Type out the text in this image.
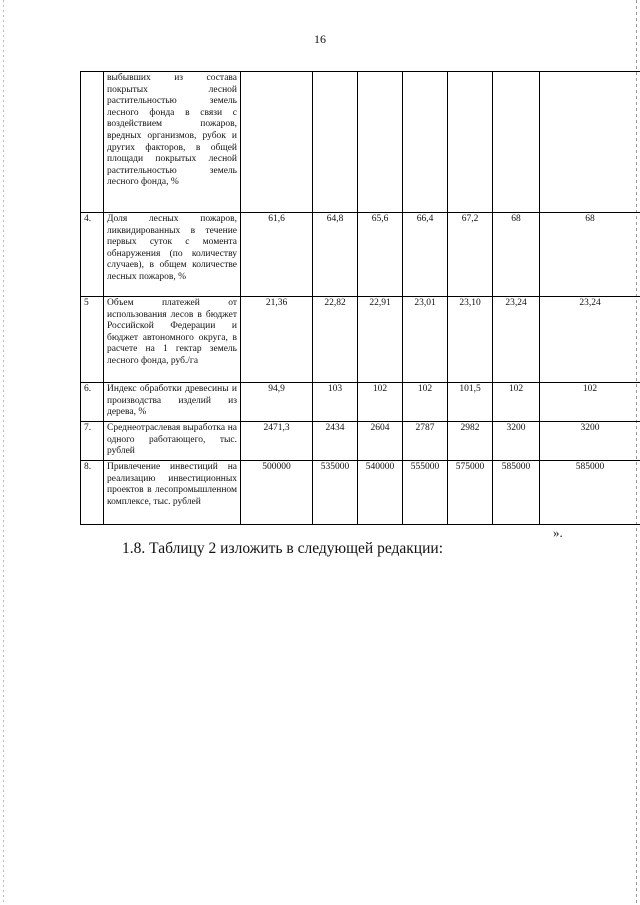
16
	выбывших из состава покрытых лесной растительностью земель лесного фонда в связи с воздействием пожаров, вредных организмов, рубок и других факторов, в общей площади покрытых лесной растительностью земель лесного фонда, %							
4.	Доля лесных пожаров, ликвидированных в течение первых суток с момента обнаружения (по количеству случаев), в общем количестве лесных пожаров, %	61,6	64,8	65,6	66,4	67,2	68	68
5	Объем платежей от использования лесов в бюджет Российской Федерации и бюджет автономного округа, в расчете на 1 гектар земель лесного фонда, руб./га	21,36	22,82	22,91	23,01	23,10	23,24	23,24
6.	Индекс обработки древесины и производства изделий из дерева, %	94,9	103	102	102	101,5	102	102
7.	Среднеотраслевая выработка на одного работающего, тыс. рублей	2471,3	2434	2604	2787	2982	3200	3200
8.	Привлечение инвестиций на реализацию инвестиционных проектов в лесопромышленном комплексе, тыс. рублей	500000	535000	540000	555000	575000	585000	585000
».
1.8. Таблицу 2 изложить в следующей редакции:
